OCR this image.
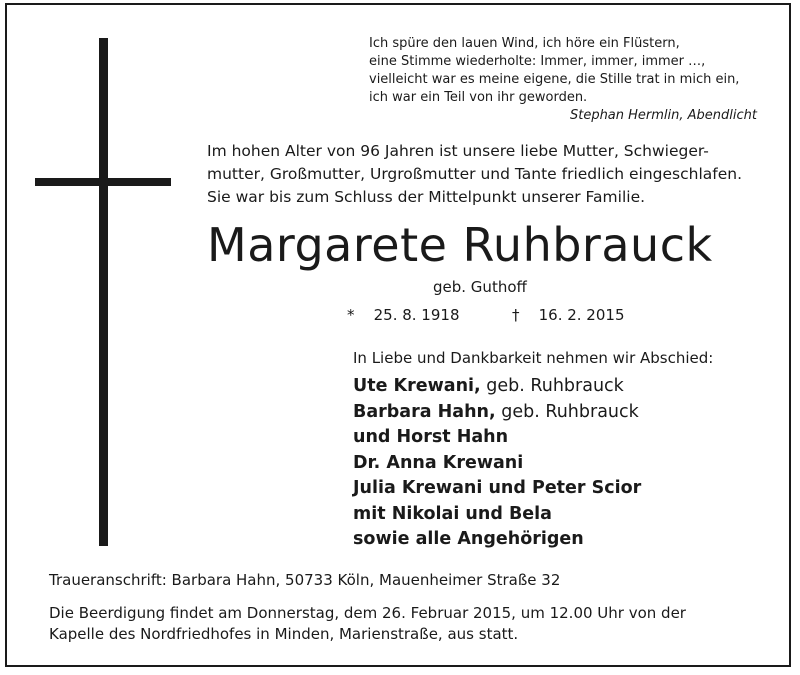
Ich spüre den lauen Wind, ich höre ein Flüstern,
eine Stimme wiederholte: Immer, immer, immer …,
vielleicht war es meine eigene, die Stille trat in mich ein,
ich war ein Teil von ihr geworden.
Stephan Hermlin, Abendlicht
Im hohen Alter von 96 Jahren ist unsere liebe Mutter, Schwieger-
mutter, Großmutter, Urgroßmutter und Tante friedlich eingeschlafen.
Sie war bis zum Schluss der Mittelpunkt unserer Familie.
Margarete Ruhbrauck
geb. Guthoff
* 25. 8. 1918	† 16. 2. 2015
In Liebe und Dankbarkeit nehmen wir Abschied:
Ute Krewani, geb. Ruhbrauck
Barbara Hahn, geb. Ruhbrauck
und Horst Hahn
Dr. Anna Krewani
Julia Krewani und Peter Scior
mit Nikolai und Bela
sowie alle Angehörigen
Traueranschrift: Barbara Hahn, 50733 Köln, Mauenheimer Straße 32
Die Beerdigung findet am Donnerstag, dem 26. Februar 2015, um 12.00 Uhr von der
Kapelle des Nordfriedhofes in Minden, Marienstraße, aus statt.
